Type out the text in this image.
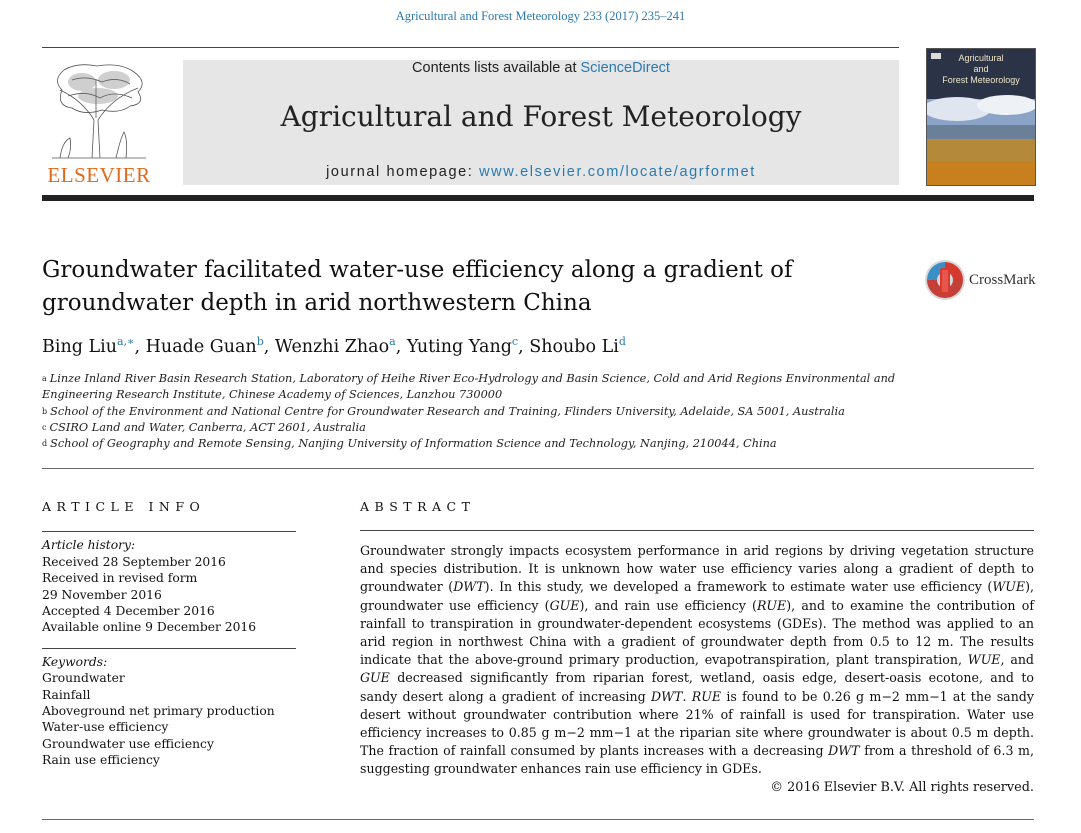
Agricultural and Forest Meteorology 233 (2017) 235–241
ELSEVIER
Contents lists available at ScienceDirect
Agricultural and Forest Meteorology
journal homepage: www.elsevier.com/locate/agrformet
Agricultural
and
Forest Meteorology
Groundwater facilitated water-use efficiency along a gradient of
groundwater depth in arid northwestern China
CrossMark
Bing Liu$^{a,∗}$, Huade Guan$^b$, Wenzhi Zhao$^a$, Yuting Yang$^c$, Shoubo Li$^d$
$^a$ Linze Inland River Basin Research Station, Laboratory of Heihe River Eco-Hydrology and Basin Science, Cold and Arid Regions Environmental and
Engineering Research Institute, Chinese Academy of Sciences, Lanzhou 730000
$^b$ School of the Environment and National Centre for Groundwater Research and Training, Flinders University, Adelaide, SA 5001, Australia
$^c$ CSIRO Land and Water, Canberra, ACT 2601, Australia
$^d$ School of Geography and Remote Sensing, Nanjing University of Information Science and Technology, Nanjing, 210044, China
ARTICLE INFO
Article history:
Received 28 September 2016
Received in revised form
29 November 2016
Accepted 4 December 2016
Available online 9 December 2016
Keywords:
Groundwater
Rainfall
Aboveground net primary production
Water-use efficiency
Groundwater use efficiency
Rain use efficiency
ABSTRACT
Groundwater strongly impacts ecosystem performance in arid regions by driving vegetation structure and species distribution. It is unknown how water use efficiency varies along a gradient of depth to groundwater (DWT). In this study, we developed a framework to estimate water use efficiency (WUE), groundwater use efficiency (GUE), and rain use efficiency (RUE), and to examine the contribution of rainfall to transpiration in groundwater-dependent ecosystems (GDEs). The method was applied to an arid region in northwest China with a gradient of groundwater depth from 0.5 to 12 m. The results indicate that the above-ground primary production, evapotranspiration, plant transpiration, WUE, and GUE decreased significantly from riparian forest, wetland, oasis edge, desert-oasis ecotone, and to sandy desert along a gradient of increasing DWT. RUE is found to be 0.26 g m−2 mm−1 at the sandy desert without groundwater contribution where 21% of rainfall is used for transpiration. Water use efficiency increases to 0.85 g m−2 mm−1 at the riparian site where groundwater is about 0.5 m depth. The fraction of rainfall consumed by plants increases with a decreasing DWT from a threshold of 6.3 m, suggesting groundwater enhances rain use efficiency in GDEs.
© 2016 Elsevier B.V. All rights reserved.
